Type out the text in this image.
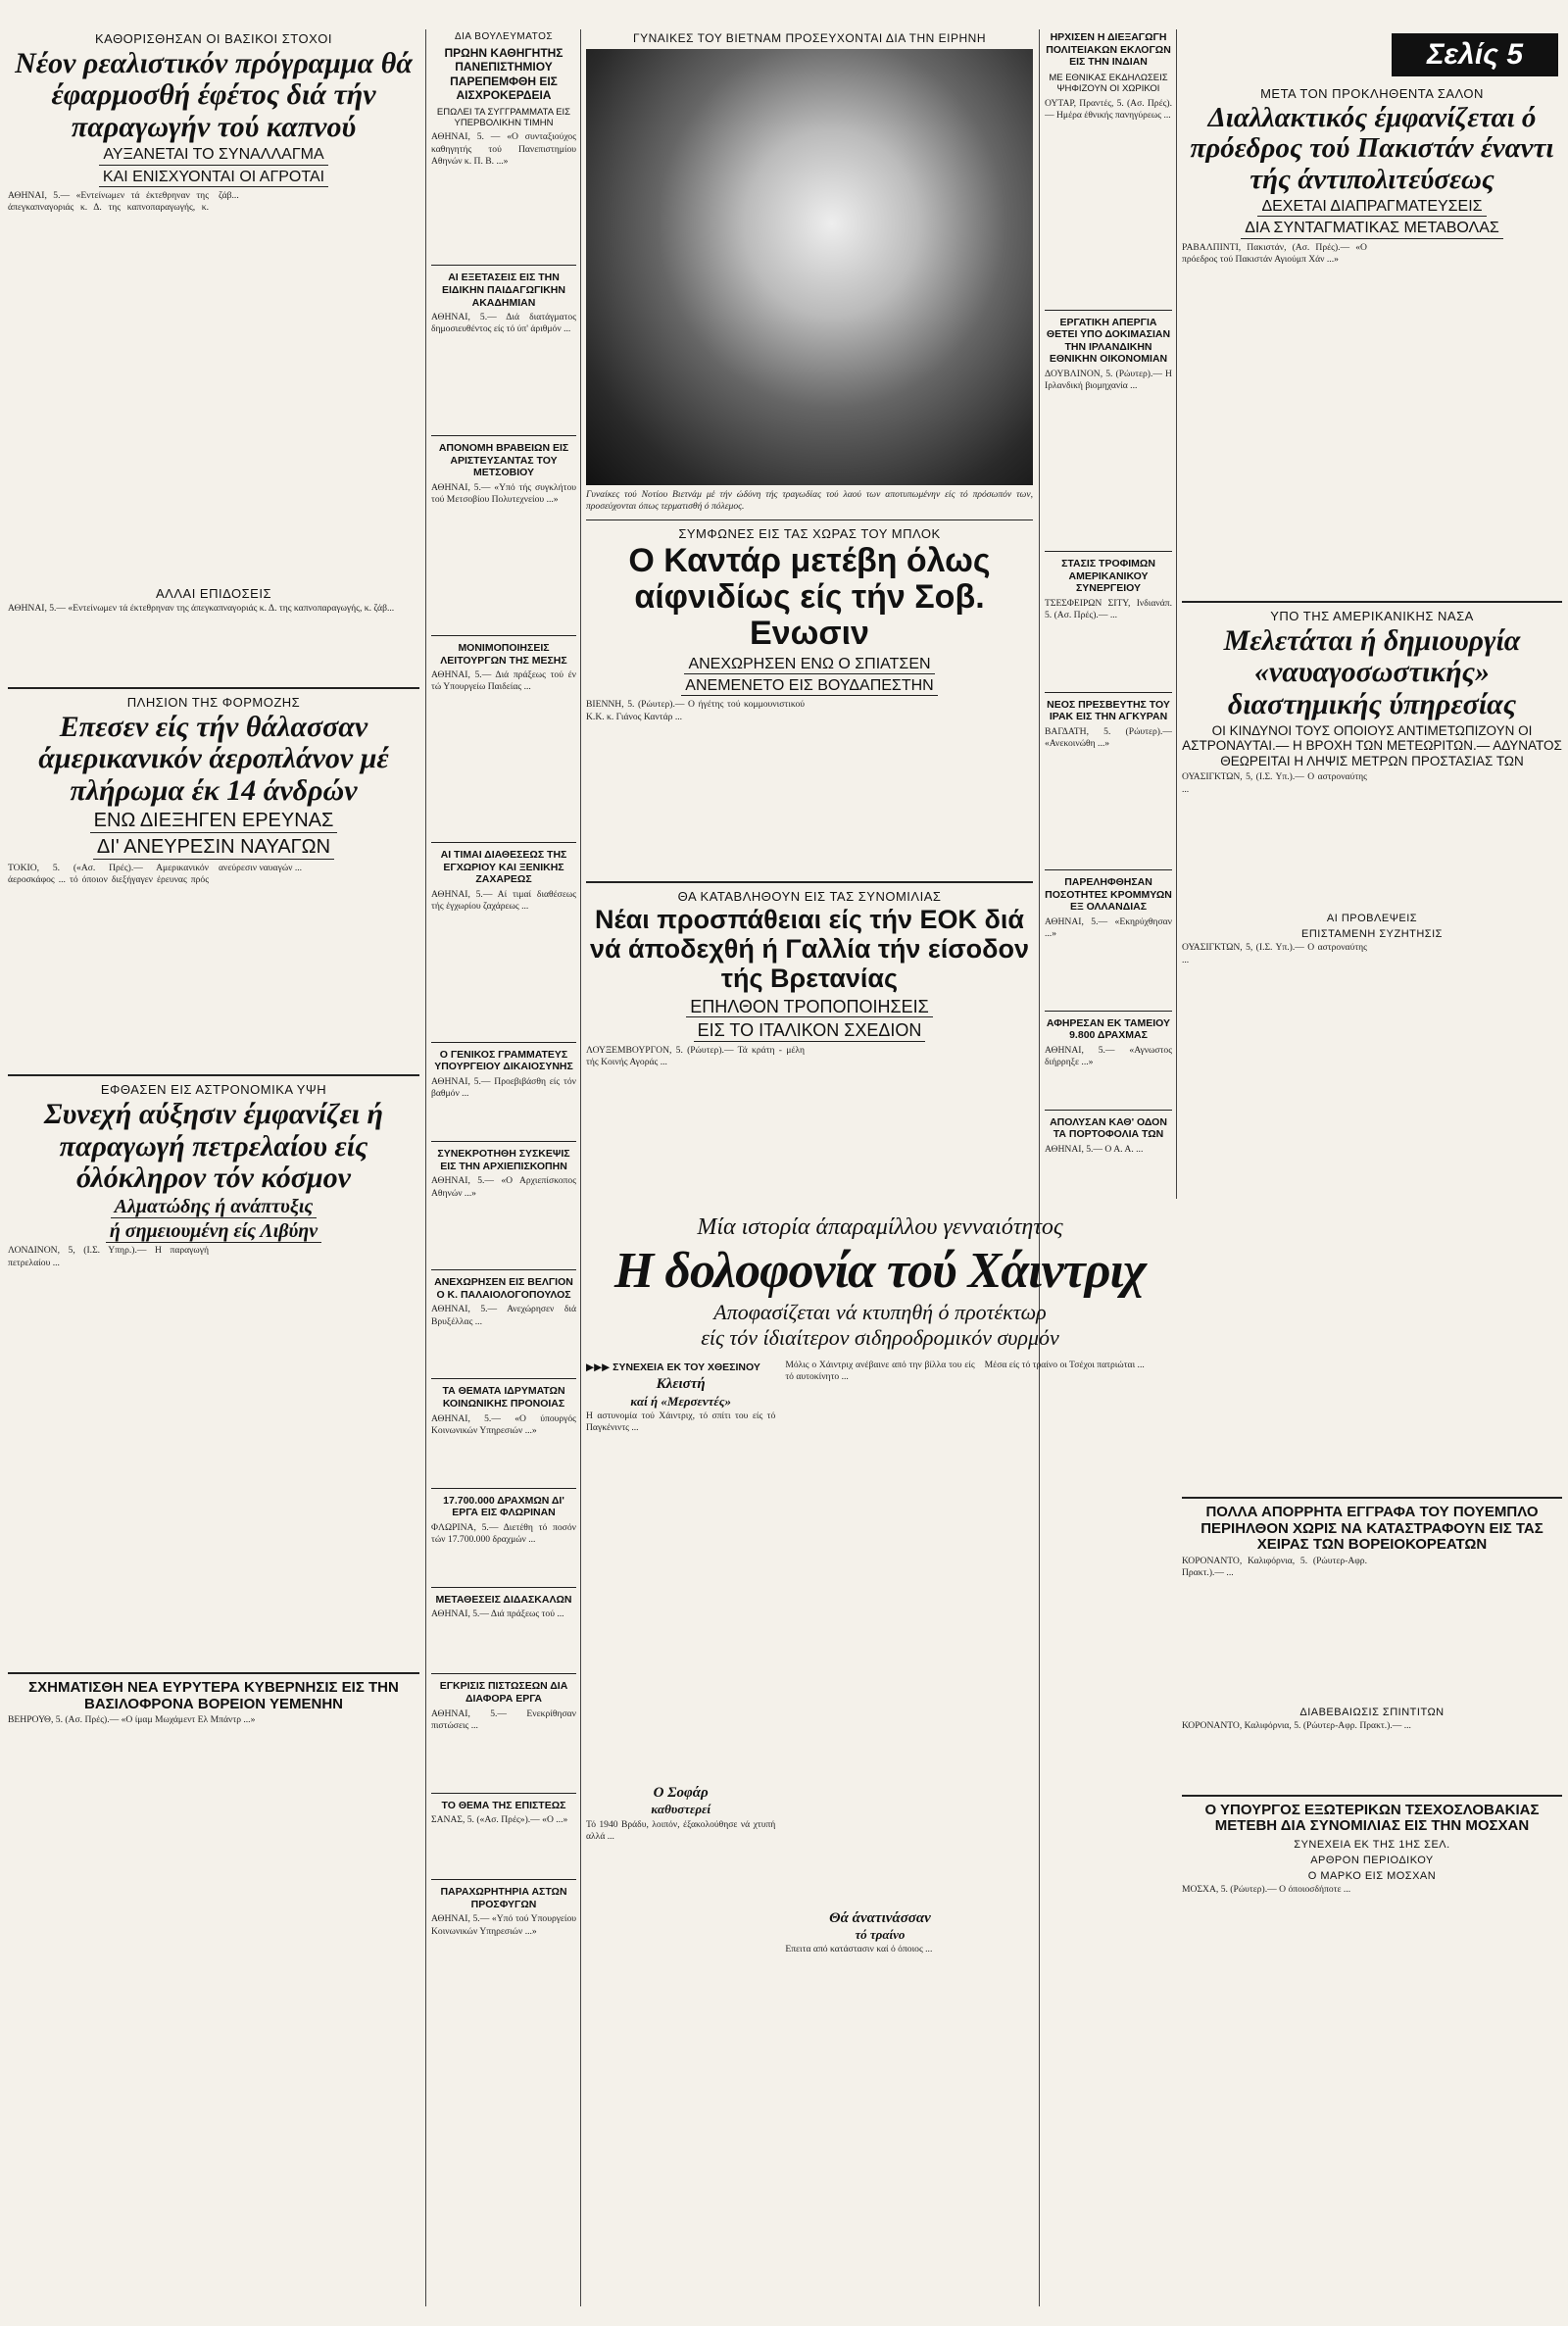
Σελίς 5
ΚΑΘΟΡΙΣΘΗΣΑΝ ΟΙ ΒΑΣΙΚΟΙ ΣΤΟΧΟΙ
Νέον ρεαλιστικόν πρόγραμμα θά έφαρμοσθή έφέτος διά τήν παραγωγήν τού καπνού
ΑΥΞΑΝΕΤΑΙ ΤΟ ΣΥΝΑΛΛΑΓΜΑ
ΚΑΙ ΕΝΙΣΧΥΟΝΤΑΙ ΟΙ ΑΓΡΟΤΑΙ
ΑΘΗΝΑΙ, 5.— «Εντείνωμεν τά έκτεθρηναν της άπεγκαπναγοριάς κ. Δ. της καπνοπαραγωγής, κ. ζάβ...
ΑΛΛΑΙ ΕΠΙΔΟΣΕΙΣ
ΑΘΗΝΑΙ, 5.— «Εντείνωμεν τά έκτεθρηναν της άπεγκαπναγοριάς κ. Δ. της καπνοπαραγωγής, κ. ζάβ...
ΠΛΗΣΙΟΝ ΤΗΣ ΦΟΡΜΟΖΗΣ
Επεσεν είς τήν θάλασσαν άμερικανικόν άεροπλάνον μέ πλήρωμα έκ 14 άνδρών
ΕΝΩ ΔΙΕΞΗΓΕΝ ΕΡΕΥΝΑΣ
ΔΙ' ΑΝΕΥΡΕΣΙΝ ΝΑΥΑΓΩΝ
ΤΟΚΙΟ, 5. («Ασ. Πρές).— Αμερικανικόν άεροσκάφος ... τό όποιον διεξήγαγεν έρευνας πρός ανεύρεσιν ναυαγών ...
ΕΦΘΑΣΕΝ ΕΙΣ ΑΣΤΡΟΝΟΜΙΚΑ ΥΨΗ
Συνεχή αύξησιν έμφανίζει ή παραγωγή πετρελαίου είς όλόκληρον τόν κόσμον
Αλματώδης ή ανάπτυξις
ή σημειουμένη είς Λιβύην
ΛΟΝΔΙΝΟΝ, 5, (Ι.Σ. Υπηρ.).— Η παραγωγή πετρελαίου ...
ΣΧΗΜΑΤΙΣΘΗ ΝΕΑ ΕΥΡΥΤΕΡΑ ΚΥΒΕΡΝΗΣΙΣ ΕΙΣ ΤΗΝ ΒΑΣΙΛΟΦΡΟΝΑ ΒΟΡΕΙΟΝ ΥΕΜΕΝΗΝ
ΒΕΗΡΟΥΘ, 5. (Ασ. Πρές).— «Ο ίμαμ Μωχάμεντ Ελ Μπάντρ ...»
ΔΙΑ ΒΟΥΛΕΥΜΑΤΟΣ
ΠΡΩΗΝ ΚΑΘΗΓΗΤΗΣ ΠΑΝΕΠΙΣΤΗΜΙΟΥ ΠΑΡΕΠΕΜΦΘΗ ΕΙΣ ΑΙΣΧΡΟΚΕΡΔΕΙΑ
ΕΠΩΛΕΙ ΤΑ ΣΥΓΓΡΑΜΜΑΤΑ ΕΙΣ ΥΠΕΡΒΟΛΙΚΗΝ ΤΙΜΗΝ
ΑΘΗΝΑΙ, 5. — «Ο συνταξιούχος καθηγητής τού Πανεπιστημίου Αθηνών κ. Π. Β. ...»
ΑΙ ΕΞΕΤΑΣΕΙΣ ΕΙΣ ΤΗΝ ΕΙΔΙΚΗΝ ΠΑΙΔΑΓΩΓΙΚΗΝ ΑΚΑΔΗΜΙΑΝ
ΑΘΗΝΑΙ, 5.— Διά διατάγματος δημοσιευθέντος είς τό ύπ' άριθμόν ...
ΑΠΟΝΟΜΗ ΒΡΑΒΕΙΩΝ ΕΙΣ ΑΡΙΣΤΕΥΣΑΝΤΑΣ ΤΟΥ ΜΕΤΣΟΒΙΟΥ
ΑΘΗΝΑΙ, 5.— «Υπό τής συγκλήτου τού Μετσοβίου Πολυτεχνείου ...»
ΜΟΝΙΜΟΠΟΙΗΣΕΙΣ ΛΕΙΤΟΥΡΓΩΝ ΤΗΣ ΜΕΣΗΣ
ΑΘΗΝΑΙ, 5.— Διά πράξεως τού έν τώ Υπουργείω Παιδείας ...
ΑΙ ΤΙΜΑΙ ΔΙΑΘΕΣΕΩΣ ΤΗΣ ΕΓΧΩΡΙΟΥ ΚΑΙ ΞΕΝΙΚΗΣ ΖΑΧΑΡΕΩΣ
ΑΘΗΝΑΙ, 5.— Αί τιμαί διαθέσεως τής έγχωρίου ζαχάρεως ...
Ο ΓΕΝΙΚΟΣ ΓΡΑΜΜΑΤΕΥΣ ΥΠΟΥΡΓΕΙΟΥ ΔΙΚΑΙΟΣΥΝΗΣ
ΑΘΗΝΑΙ, 5.— Προεβιβάσθη είς τόν βαθμόν ...
ΣΥΝΕΚΡΟΤΗΘΗ ΣΥΣΚΕΨΙΣ ΕΙΣ ΤΗΝ ΑΡΧΙΕΠΙΣΚΟΠΗΝ
ΑΘΗΝΑΙ, 5.— «Ο Αρχιεπίσκοπος Αθηνών ...»
ΑΝΕΧΩΡΗΣΕΝ ΕΙΣ ΒΕΛΓΙΟΝ Ο Κ. ΠΑΛΑΙΟΛΟΓΟΠΟΥΛΟΣ
ΑΘΗΝΑΙ, 5.— Ανεχώρησεν διά Βρυξέλλας ...
ΤΑ ΘΕΜΑΤΑ ΙΔΡΥΜΑΤΩΝ ΚΟΙΝΩΝΙΚΗΣ ΠΡΟΝΟΙΑΣ
ΑΘΗΝΑΙ, 5.— «Ο ύπουργός Κοινωνικών Υπηρεσιών ...»
17.700.000 ΔΡΑΧΜΩΝ ΔΙ' ΕΡΓΑ ΕΙΣ ΦΛΩΡΙΝΑΝ
ΦΛΩΡΙΝΑ, 5.— Διετέθη τό ποσόν τών 17.700.000 δραχμών ...
ΜΕΤΑΘΕΣΕΙΣ ΔΙΔΑΣΚΑΛΩΝ
ΑΘΗΝΑΙ, 5.— Διά πράξεως τού ...
ΕΓΚΡΙΣΙΣ ΠΙΣΤΩΣΕΩΝ ΔΙΑ ΔΙΑΦΟΡΑ ΕΡΓΑ
ΑΘΗΝΑΙ, 5.— Ενεκρίθησαν πιστώσεις ...
ΤΟ ΘΕΜΑ ΤΗΣ ΕΠΙΣΤΕΩΣ
ΣΑΝΑΣ, 5. («Ασ. Πρές»).— «Ο ...»
ΠΑΡΑΧΩΡΗΤΗΡΙΑ ΑΣΤΩΝ ΠΡΟΣΦΥΓΩΝ
ΑΘΗΝΑΙ, 5.— «Υπό τού Υπουργείου Κοινωνικών Υπηρεσιών ...»
ΓΥΝΑΙΚΕΣ ΤΟΥ ΒΙΕΤΝΑΜ ΠΡΟΣΕΥΧΟΝΤΑΙ ΔΙΑ ΤΗΝ ΕΙΡΗΝΗ
Γυναίκες τού Νοτίου Βιετνάμ μέ τήν ώδύνη τής τραγωδίας τού λαού των αποτυπωμένην είς τό πρόσωπόν των, προσεύχονται όπως τερματισθή ό πόλεμος.
ΣΥΜΦΩΝΕΣ ΕΙΣ ΤΑΣ ΧΩΡΑΣ ΤΟΥ ΜΠΛΟΚ
Ο Καντάρ μετέβη όλως αίφνιδίως είς τήν Σοβ. Ενωσιν
ΑΝΕΧΩΡΗΣΕΝ ΕΝΩ Ο ΣΠΙΑΤΣΕΝ
ΑΝΕΜΕΝΕΤΟ ΕΙΣ ΒΟΥΔΑΠΕΣΤΗΝ
ΒΙΕΝΝΗ, 5. (Ρώυτερ).— Ο ήγέτης τού κομμουνιστικού Κ.Κ. κ. Γιάνος Καντάρ ...
ΘΑ ΚΑΤΑΒΛΗΘΟΥΝ ΕΙΣ ΤΑΣ ΣΥΝΟΜΙΛΙΑΣ
Νέαι προσπάθειαι είς τήν ΕΟΚ διά νά άποδεχθή ή Γαλλία τήν είσοδον τής Βρετανίας
ΕΠΗΛΘΟΝ ΤΡΟΠΟΠΟΙΗΣΕΙΣ
ΕΙΣ ΤΟ ΙΤΑΛΙΚΟΝ ΣΧΕΔΙΟΝ
ΛΟΥΞΕΜΒΟΥΡΓΟΝ, 5. (Ρώυτερ).— Τά κράτη - μέλη τής Κοινής Αγοράς ...
ΗΡΧΙΣΕΝ Η ΔΙΕΞΑΓΩΓΗ ΠΟΛΙΤΕΙΑΚΩΝ ΕΚΛΟΓΩΝ ΕΙΣ ΤΗΝ ΙΝΔΙΑΝ
ΜΕ ΕΘΝΙΚΑΣ ΕΚΔΗΛΩΣΕΙΣ ΨΗΦΙΖΟΥΝ ΟΙ ΧΩΡΙΚΟΙ
ΟΥΤΑΡ, Πραντές, 5. (Ασ. Πρές).— Ημέρα έθνικής πανηγύρεως ...
ΕΡΓΑΤΙΚΗ ΑΠΕΡΓΙΑ ΘΕΤΕΙ ΥΠΟ ΔΟΚΙΜΑΣΙΑΝ ΤΗΝ ΙΡΛΑΝΔΙΚΗΝ ΕΘΝΙΚΗΝ ΟΙΚΟΝΟΜΙΑΝ
ΔΟΥΒΛΙΝΟΝ, 5. (Ρώυτερ).— Η Ιρλανδική βιομηχανία ...
ΣΤΑΣΙΣ ΤΡΟΦΙΜΩΝ ΑΜΕΡΙΚΑΝΙΚΟΥ ΣΥΝΕΡΓΕΙΟΥ
ΤΣΕΣΦΕΙΡΩΝ ΣΙΤΥ, Ινδιανάπ. 5. (Ασ. Πρές).— ...
ΝΕΟΣ ΠΡΕΣΒΕΥΤΗΣ ΤΟΥ ΙΡΑΚ ΕΙΣ ΤΗΝ ΑΓΚΥΡΑΝ
ΒΑΓΔΑΤΗ, 5. (Ρώυτερ).— «Ανεκοινώθη ...»
ΠΑΡΕΛΗΦΘΗΣΑΝ ΠΟΣΟΤΗΤΕΣ ΚΡΟΜΜΥΩΝ ΕΞ ΟΛΛΑΝΔΙΑΣ
ΑΘΗΝΑΙ, 5.— «Εκηρύχθησαν ...»
ΑΦΗΡΕΣΑΝ ΕΚ ΤΑΜΕΙΟΥ 9.800 ΔΡΑΧΜΑΣ
ΑΘΗΝΑΙ, 5.— «Αγνωστος διήρρηξε ...»
ΑΠΟΛΥΣΑΝ ΚΑΘ' ΟΔΟΝ ΤΑ ΠΟΡΤΟΦΟΛΙΑ ΤΩΝ
ΑΘΗΝΑΙ, 5.— Ο Α. Α. ...
ΜΕΤΑ ΤΟΝ ΠΡΟΚΛΗΘΕΝΤΑ ΣΑΛΟΝ
Διαλλακτικός έμφανίζεται ό πρόεδρος τού Πακιστάν έναντι τής άντιπολιτεύσεως
ΔΕΧΕΤΑΙ ΔΙΑΠΡΑΓΜΑΤΕΥΣΕΙΣ
ΔΙΑ ΣΥΝΤΑΓΜΑΤΙΚΑΣ ΜΕΤΑΒΟΛΑΣ
ΡΑΒΑΛΠΙΝΤΙ, Πακιστάν, (Ασ. Πρές).— «Ο πρόεδρος τού Πακιστάν Αγιούμπ Χάν ...»
ΥΠΟ ΤΗΣ ΑΜΕΡΙΚΑΝΙΚΗΣ ΝΑΣΑ
Μελετάται ή δημιουργία «ναυαγοσωστικής» διαστημικής ύπηρεσίας
ΟΙ ΚΙΝΔΥΝΟΙ ΤΟΥΣ ΟΠΟΙΟΥΣ ΑΝΤΙΜΕΤΩΠΙΖΟΥΝ ΟΙ ΑΣΤΡΟΝΑΥΤΑΙ.— Η ΒΡΟΧΗ ΤΩΝ ΜΕΤΕΩΡΙΤΩΝ.— ΑΔΥΝΑΤΟΣ ΘΕΩΡΕΙΤΑΙ Η ΛΗΨΙΣ ΜΕΤΡΩΝ ΠΡΟΣΤΑΣΙΑΣ ΤΩΝ
ΟΥΑΣΙΓΚΤΩΝ, 5, (Ι.Σ. Υπ.).— Ο αστροναύτης ...
ΑΙ ΠΡΟΒΛΕΨΕΙΣ
ΕΠΙΣΤΑΜΕΝΗ ΣΥΖΗΤΗΣΙΣ
ΟΥΑΣΙΓΚΤΩΝ, 5, (Ι.Σ. Υπ.).— Ο αστροναύτης ...
ΠΟΛΛΑ ΑΠΟΡΡΗΤΑ ΕΓΓΡΑΦΑ ΤΟΥ ΠΟΥΕΜΠΛΟ ΠΕΡΙΗΛΘΟΝ ΧΩΡΙΣ ΝΑ ΚΑΤΑΣΤΡΑΦΟΥΝ ΕΙΣ ΤΑΣ ΧΕΙΡΑΣ ΤΩΝ ΒΟΡΕΙΟΚΟΡΕΑΤΩΝ
ΚΟΡΟΝΑΝΤΟ, Καλιφόρνια, 5. (Ρώυτερ-Αφρ. Πρακτ.).— ...
ΔΙΑΒΕΒΑΙΩΣΙΣ ΣΠΙΝΤΙΤΩΝ
ΚΟΡΟΝΑΝΤΟ, Καλιφόρνια, 5. (Ρώυτερ-Αφρ. Πρακτ.).— ...
Ο ΥΠΟΥΡΓΟΣ ΕΞΩΤΕΡΙΚΩΝ ΤΣΕΧΟΣΛΟΒΑΚΙΑΣ ΜΕΤΕΒΗ ΔΙΑ ΣΥΝΟΜΙΛΙΑΣ ΕΙΣ ΤΗΝ ΜΟΣΧΑΝ
ΣΥΝΕΧΕΙΑ ΕΚ ΤΗΣ 1ΗΣ ΣΕΛ.
ΑΡΘΡΟΝ ΠΕΡΙΟΔΙΚΟΥ
Ο ΜΑΡΚΟ ΕΙΣ ΜΟΣΧΑΝ
ΜΟΣΧΑ, 5. (Ρώυτερ).— Ο όποιοσδήποτε ...
Μία ιστορία άπαραμίλλου γενναιότητος
Η δολοφονία τού Χάιντριχ
Αποφασίζεται νά κτυπηθή ό προτέκτωρ
είς τόν ίδιαίτερον σιδηροδρομικόν συρμόν
▶▶▶ ΣΥΝΕΧΕΙΑ ΕΚ ΤΟΥ ΧΘΕΣΙΝΟΥ
Κλειστή
καί ή «Μερσεντές»
Η αστυνομία τού Χάιντριχ, τό σπίτι του είς τό Παγκένιντς ...
Ο Σοφάρ
καθυστερεί
Τό 1940 Βράδυ, λοιπόν, έξακολούθησε νά χτυπή αλλά ...
Μόλις ο Χάιντριχ ανέβαινε από την βίλλα του είς τό αυτοκίνητο ...
Θά άνατινάσσαν
τό τραίνο
Επειτα από κατάστασιν καί ό όποιος ...
Μέσα είς τό τραίνο οι Τσέχοι πατριώται ...
